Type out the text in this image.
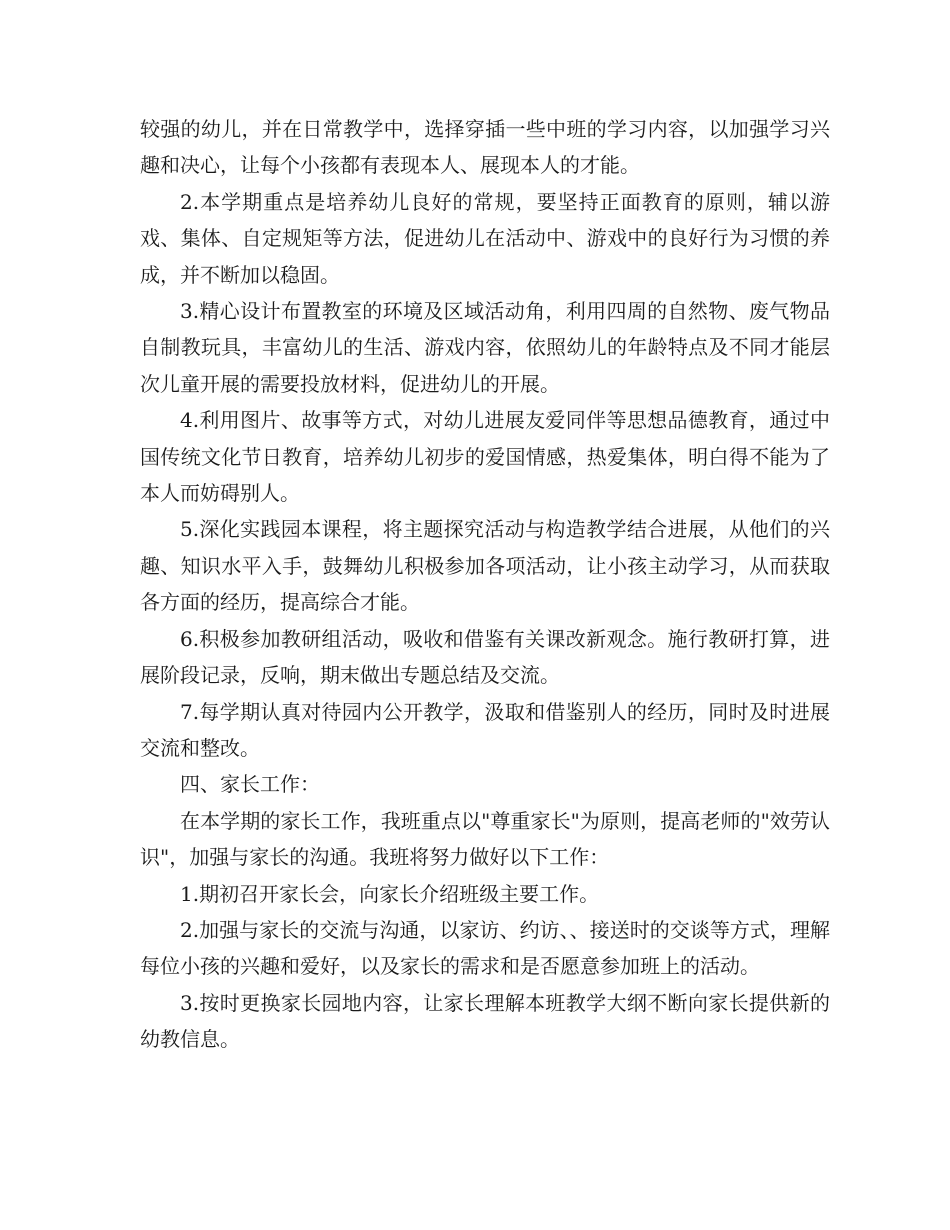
较强的幼儿，并在日常教学中，选择穿插一些中班的学习内容，以加强学习兴趣和决心，让每个小孩都有表现本人、展现本人的才能。

2.本学期重点是培养幼儿良好的常规，要坚持正面教育的原则，辅以游戏、集体、自定规矩等方法，促进幼儿在活动中、游戏中的良好行为习惯的养成，并不断加以稳固。

3.精心设计布置教室的环境及区域活动角，利用四周的自然物、废气物品自制教玩具，丰富幼儿的生活、游戏内容，依照幼儿的年龄特点及不同才能层次儿童开展的需要投放材料，促进幼儿的开展。

4.利用图片、故事等方式，对幼儿进展友爱同伴等思想品德教育，通过中国传统文化节日教育，培养幼儿初步的爱国情感，热爱集体，明白得不能为了本人而妨碍别人。

5.深化实践园本课程，将主题探究活动与构造教学结合进展，从他们的兴趣、知识水平入手，鼓舞幼儿积极参加各项活动，让小孩主动学习，从而获取各方面的经历，提高综合才能。

6.积极参加教研组活动，吸收和借鉴有关课改新观念。施行教研打算，进展阶段记录，反响，期末做出专题总结及交流。

7.每学期认真对待园内公开教学，汲取和借鉴别人的经历，同时及时进展交流和整改。

四、家长工作：

在本学期的家长工作，我班重点以"尊重家长"为原则，提高老师的"效劳认识"，加强与家长的沟通。我班将努力做好以下工作：

1.期初召开家长会，向家长介绍班级主要工作。

2.加强与家长的交流与沟通，以家访、约访、、接送时的交谈等方式，理解每位小孩的兴趣和爱好，以及家长的需求和是否愿意参加班上的活动。

3.按时更换家长园地内容，让家长理解本班教学大纲不断向家长提供新的幼教信息。
